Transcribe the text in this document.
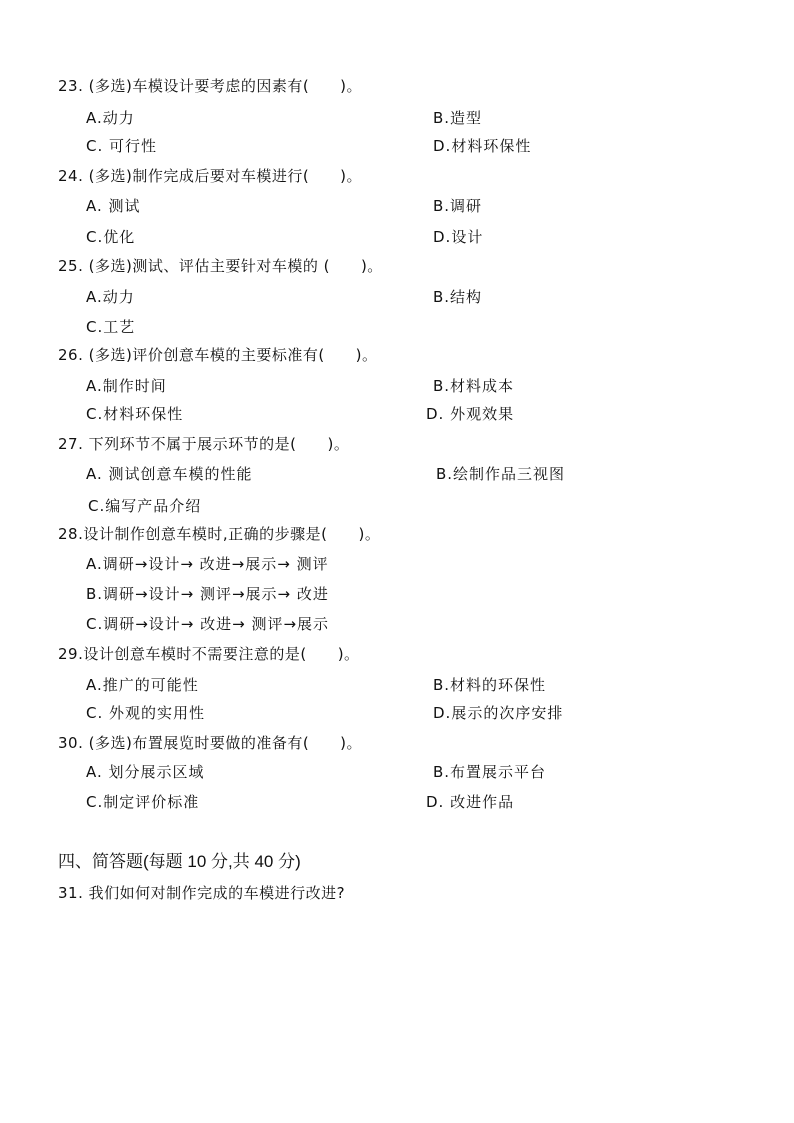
23. (多选)车模设计要考虑的因素有(　　)。
A.动力	B.造型
C. 可行性	D.材料环保性
24. (多选)制作完成后要对车模进行(　　)。
A. 测试	B.调研
C.优化	D.设计
25. (多选)测试、评估主要针对车模的 (　　)。
A.动力	B.结构
C.工艺
26. (多选)评价创意车模的主要标准有(　　)。
A.制作时间	B.材料成本
C.材料环保性	D. 外观效果
27. 下列环节不属于展示环节的是(　　)。
A. 测试创意车模的性能	B.绘制作品三视图
C.编写产品介绍
28.设计制作创意车模时,正确的步骤是(　　)。
A.调研→设计→ 改进→展示→ 测评
B.调研→设计→ 测评→展示→ 改进
C.调研→设计→ 改进→ 测评→展示
29.设计创意车模时不需要注意的是(　　)。
A.推广的可能性	B.材料的环保性
C. 外观的实用性	D.展示的次序安排
30. (多选)布置展览时要做的准备有(　　)。
A. 划分展示区域	B.布置展示平台
C.制定评价标准	D. 改进作品
四、简答题(每题 10 分,共 40 分)
31. 我们如何对制作完成的车模进行改进?
